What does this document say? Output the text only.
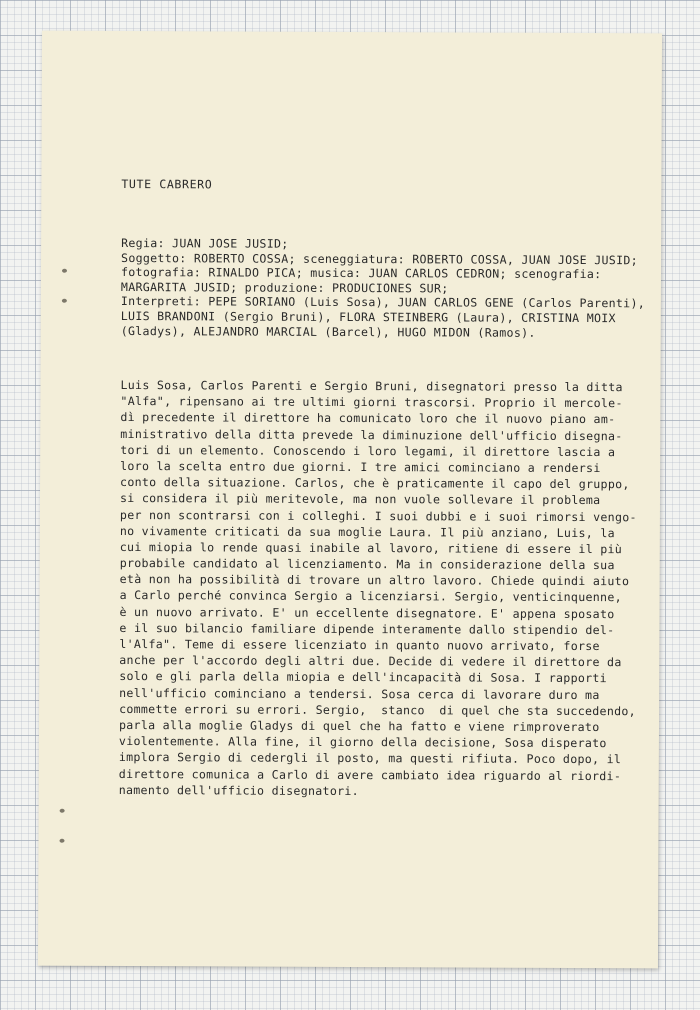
TUTE CABRERO
Regia: JUAN JOSE JUSID;
Soggetto: ROBERTO COSSA; sceneggiatura: ROBERTO COSSA, JUAN JOSE JUSID;
fotografia: RINALDO PICA; musica: JUAN CARLOS CEDRON; scenografia:
MARGARITA JUSID; produzione: PRODUCIONES SUR;
Interpreti: PEPE SORIANO (Luis Sosa), JUAN CARLOS GENE (Carlos Parenti),
LUIS BRANDONI (Sergio Bruni), FLORA STEINBERG (Laura), CRISTINA MOIX
(Gladys), ALEJANDRO MARCIAL (Barcel), HUGO MIDON (Ramos).
Luis Sosa, Carlos Parenti e Sergio Bruni, disegnatori presso la ditta
"Alfa", ripensano ai tre ultimi giorni trascorsi. Proprio il mercole-
dì precedente il direttore ha comunicato loro che il nuovo piano am-
ministrativo della ditta prevede la diminuzione dell'ufficio disegna-
tori di un elemento. Conoscendo i loro legami, il direttore lascia a
loro la scelta entro due giorni. I tre amici cominciano a rendersi
conto della situazione. Carlos, che è praticamente il capo del gruppo,
si considera il più meritevole, ma non vuole sollevare il problema
per non scontrarsi con i colleghi. I suoi dubbi e i suoi rimorsi vengo-
no vivamente criticati da sua moglie Laura. Il più anziano, Luis, la
cui miopia lo rende quasi inabile al lavoro, ritiene di essere il più
probabile candidato al licenziamento. Ma in considerazione della sua
età non ha possibilità di trovare un altro lavoro. Chiede quindi aiuto
a Carlo perché convinca Sergio a licenziarsi. Sergio, venticinquenne,
è un nuovo arrivato. E' un eccellente disegnatore. E' appena sposato
e il suo bilancio familiare dipende interamente dallo stipendio del-
l'Alfa". Teme di essere licenziato in quanto nuovo arrivato, forse
anche per l'accordo degli altri due. Decide di vedere il direttore da
solo e gli parla della miopia e dell'incapacità di Sosa. I rapporti
nell'ufficio cominciano a tendersi. Sosa cerca di lavorare duro ma
commette errori su errori. Sergio,  stanco  di quel che sta succedendo,
parla alla moglie Gladys di quel che ha fatto e viene rimproverato
violentemente. Alla fine, il giorno della decisione, Sosa disperato
implora Sergio di cedergli il posto, ma questi rifiuta. Poco dopo, il
direttore comunica a Carlo di avere cambiato idea riguardo al riordi-
namento dell'ufficio disegnatori.
